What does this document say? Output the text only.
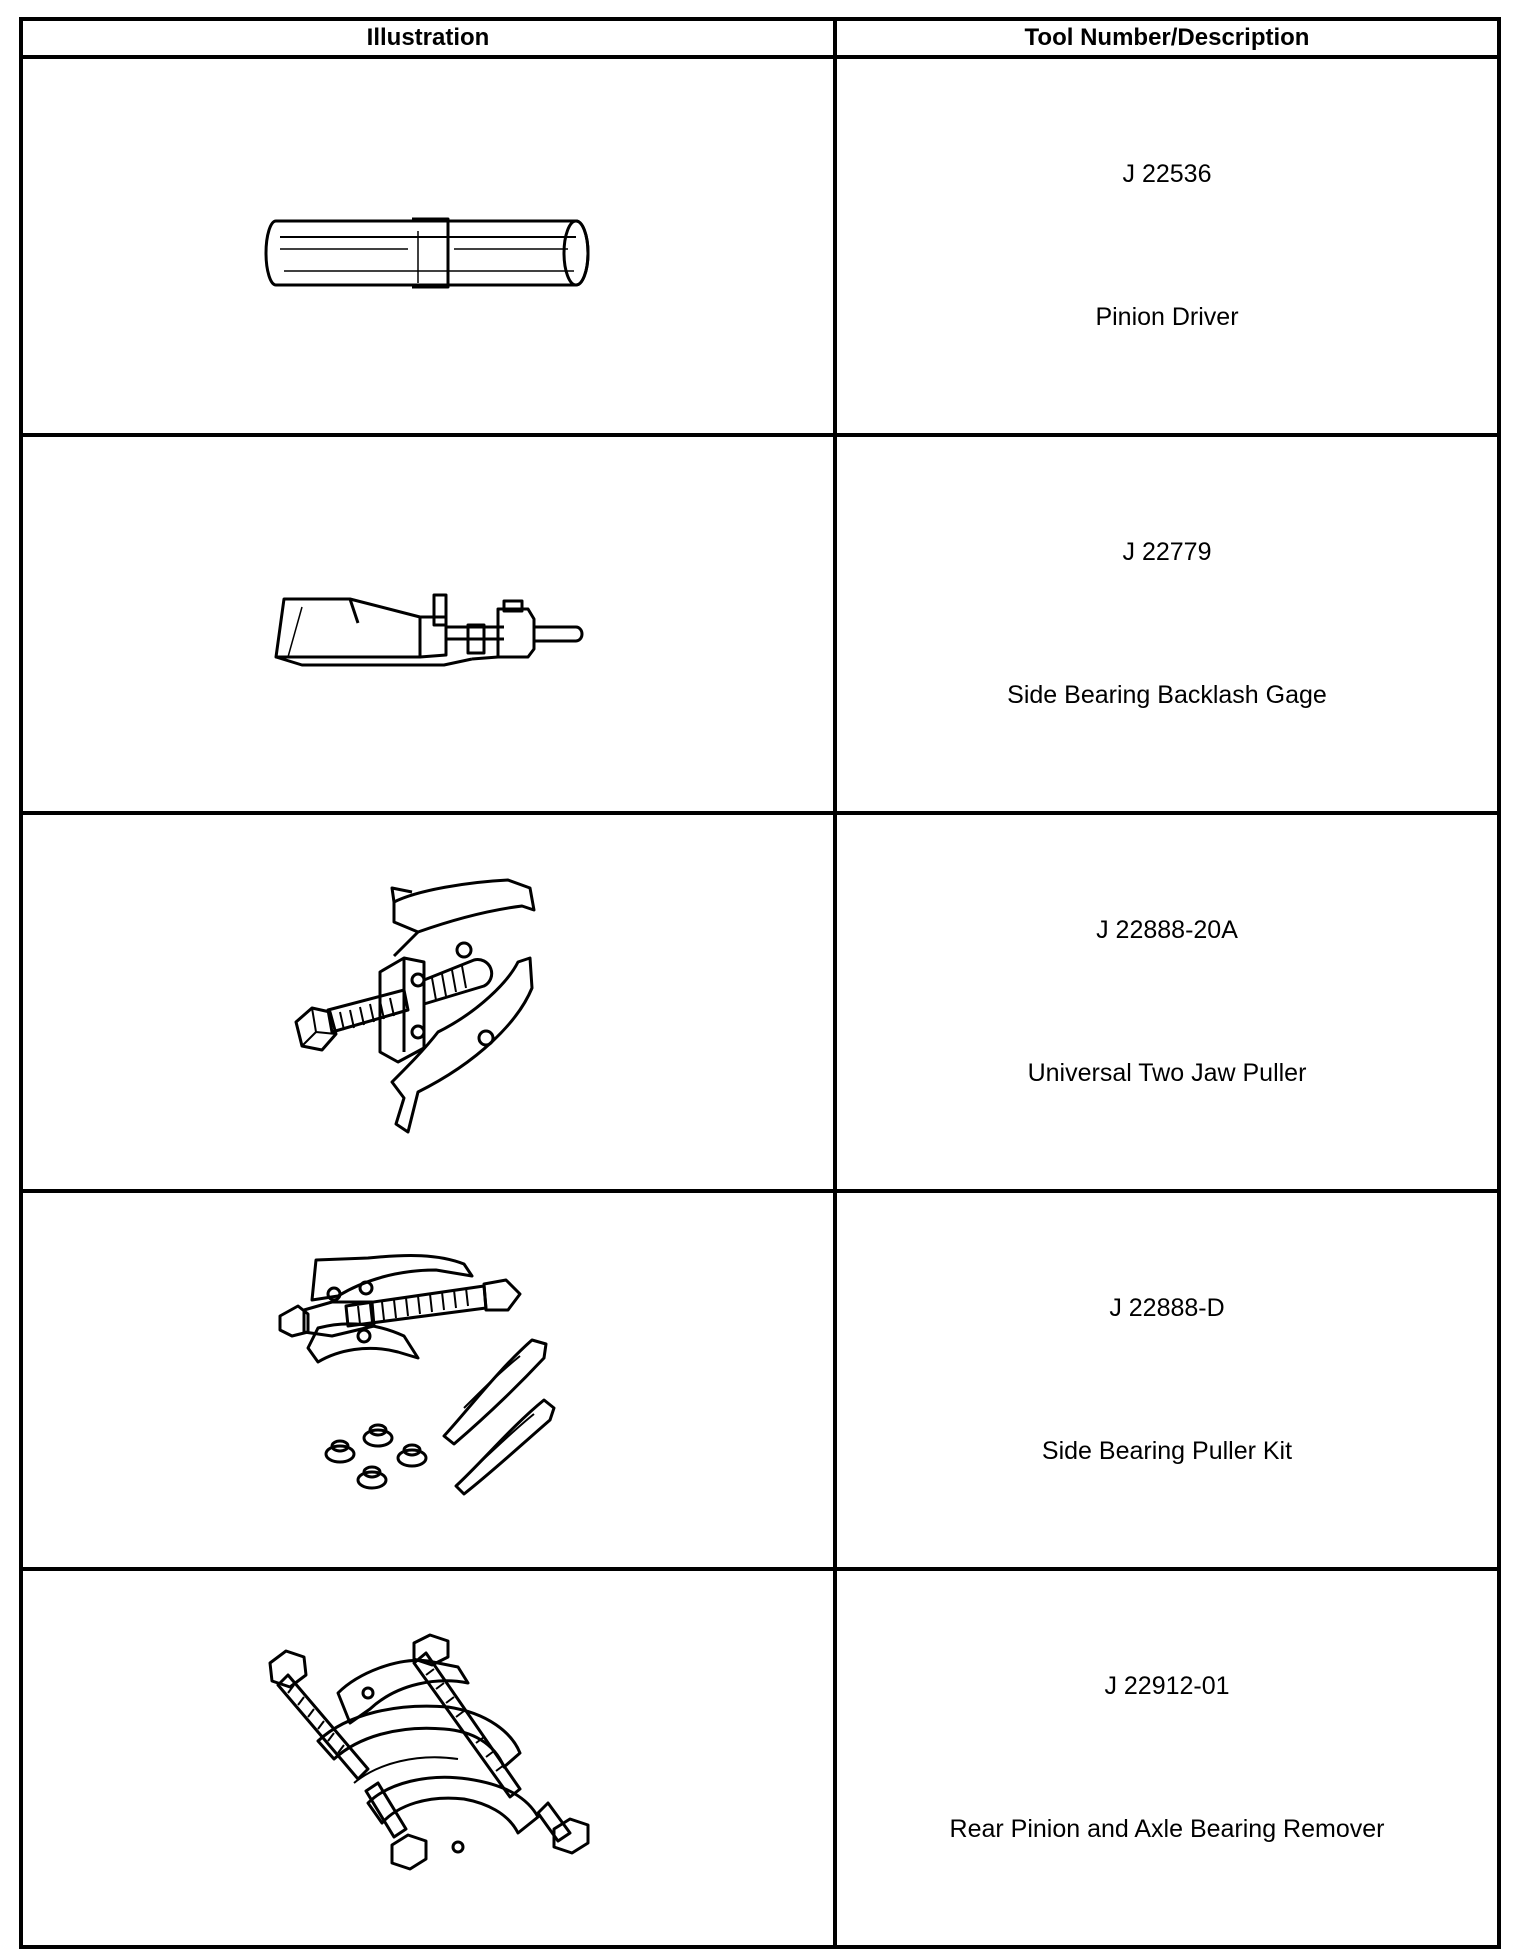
Illustration	Tool Number/Description

J 22536
Pinion Driver

J 22779
Side Bearing Backlash Gage

J 22888-20A
Universal Two Jaw Puller

J 22888-D
Side Bearing Puller Kit

J 22912-01
Rear Pinion and Axle Bearing Remover
